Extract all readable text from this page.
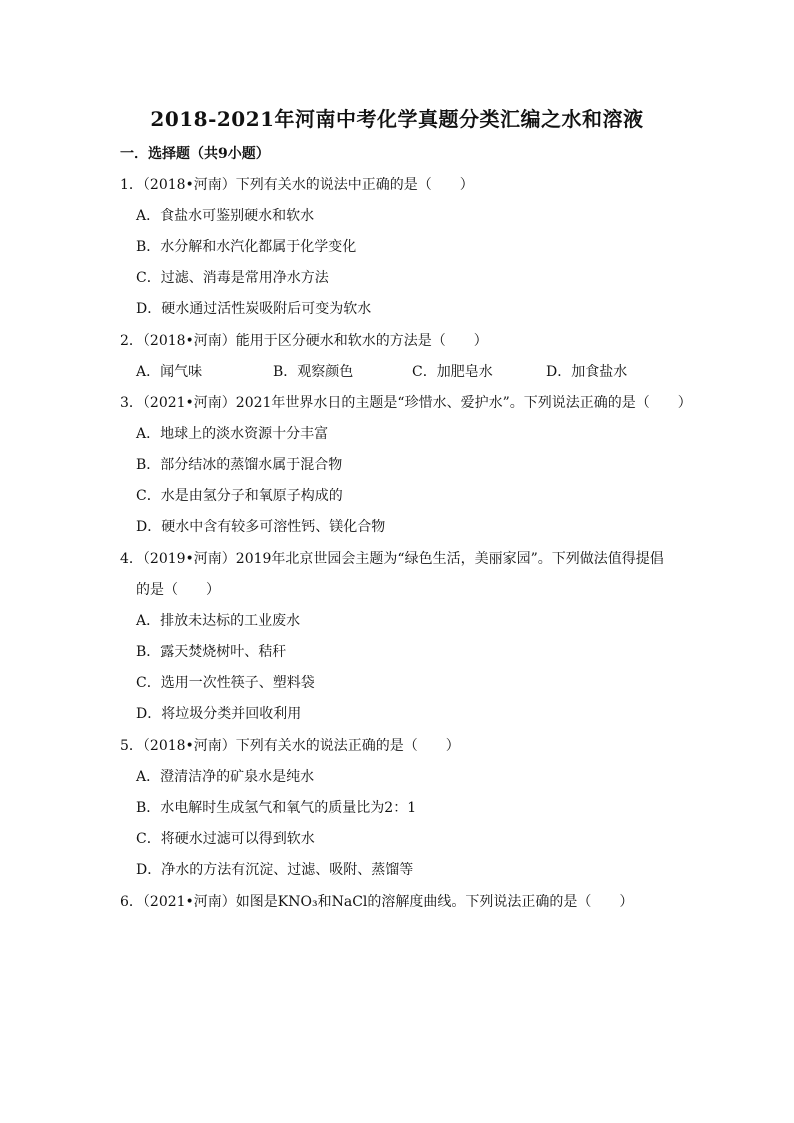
2018-2021年河南中考化学真题分类汇编之水和溶液
一．选择题（共9小题）
1．（2018•河南）下列有关水的说法中正确的是（　　）
A．食盐水可鉴别硬水和软水
B．水分解和水汽化都属于化学变化
C．过滤、消毒是常用净水方法
D．硬水通过活性炭吸附后可变为软水
2．（2018•河南）能用于区分硬水和软水的方法是（　　）
A．闻气味	B．观察颜色	C．加肥皂水	D．加食盐水
3．（2021•河南）2021年世界水日的主题是“珍惜水、爱护水”。下列说法正确的是（　　）
A．地球上的淡水资源十分丰富
B．部分结冰的蒸馏水属于混合物
C．水是由氢分子和氧原子构成的
D．硬水中含有较多可溶性钙、镁化合物
4．（2019•河南）2019年北京世园会主题为“绿色生活，美丽家园”。下列做法值得提倡
的是（　　）
A．排放未达标的工业废水
B．露天焚烧树叶、秸秆
C．选用一次性筷子、塑料袋
D．将垃圾分类并回收利用
5．（2018•河南）下列有关水的说法正确的是（　　）
A．澄清洁净的矿泉水是纯水
B．水电解时生成氢气和氧气的质量比为2：1
C．将硬水过滤可以得到软水
D．净水的方法有沉淀、过滤、吸附、蒸馏等
6．（2021•河南）如图是KNO₃和NaCl的溶解度曲线。下列说法正确的是（　　）
